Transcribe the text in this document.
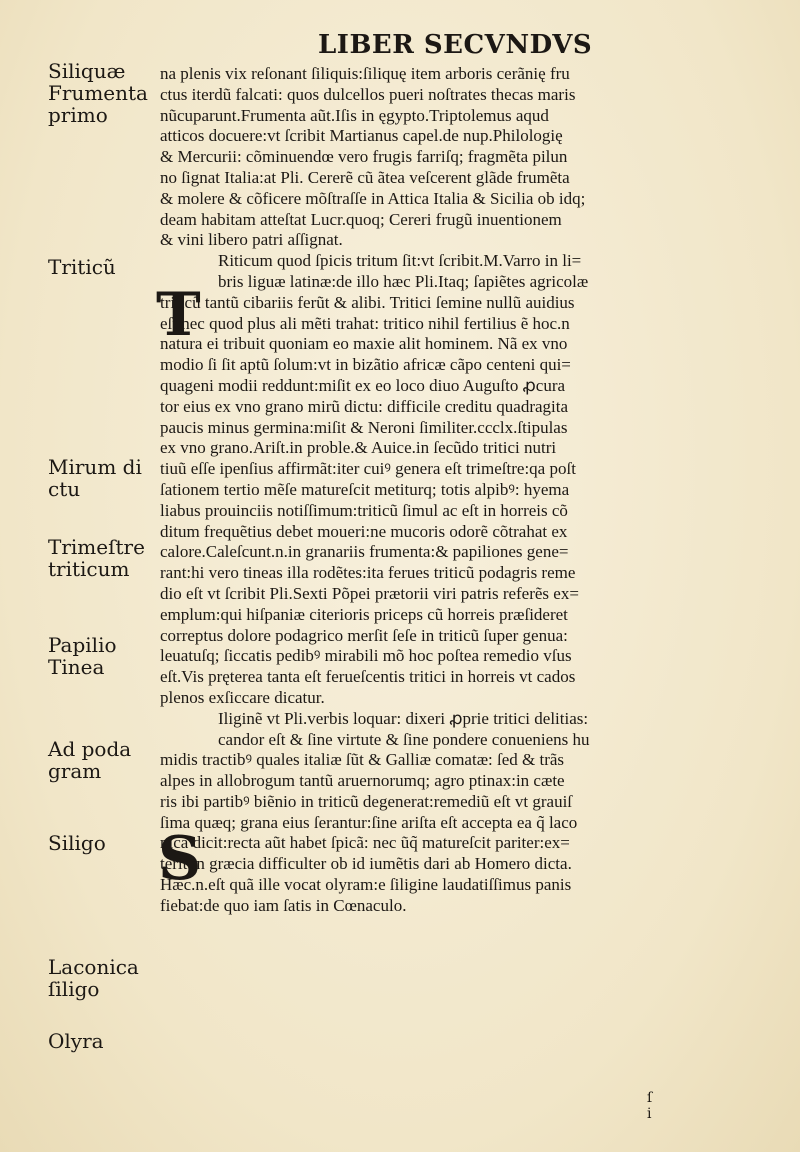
LIBER SECVNDVS
Siliquæ
Frumenta
primo
Triticũ
Mirum di
ctu
Trimeſtre
triticum
Papilio
Tinea
Ad poda
gram
Siligo
Laconica
ſiligo
Olyra
T
S
na plenis vix reſonant ſiliquis:ſiliquę item arboris cerãnię fru
ctus iterdũ falcati: quos dulcellos pueri noſtrates thecas maris
nũcuparunt.Frumenta aũt.Iſis in ęgypto.Triptolemus aqud
atticos docuere:vt ſcribit Martianus capel.de nup.Philologię
& Mercurii: cõminuendœ vero frugis farriſq; fragmẽta pilun
no ſignat Italia:at Pli. Cererẽ cũ ãtea veſcerent glãde frumẽta
& molere & cõficere mõſtraſſe in Attica Italia & Sicilia ob idq;
deam habitam atteſtat Lucr.quoq; Cereri frugũ inuentionem
& vini libero patri aſſignat.
Riticum quod ſpicis tritum ſit:vt ſcribit.M.Varro in li=
bris liguæ latinæ:de illo hæc Pli.Itaq; ſapiẽtes agricolæ
triticũ tantũ cibariis ferũt & alibi. Tritici ſemine nullũ auidius
eſt nec quod plus ali mẽti trahat: tritico nihil fertilius ẽ hoc.n
natura ei tribuit quoniam eo maxie alit hominem. Nã ex vno
modio ſi ſit aptũ ſolum:vt in bizãtio africæ cãpo centeni qui=
quageni modii reddunt:miſit ex eo loco diuo Auguſto ꝓcura
tor eius ex vno grano mirũ dictu: difficile creditu quadragita
paucis minus germina:miſit & Neroni ſimiliter.ccclx.ſtipulas
ex vno grano.Ariſt.in proble.& Auice.in ſecũdo tritici nutri
tiuũ eſſe ipenſius affirmãt:iter cuiꝰ genera eſt trimeſtre:qa poſt
ſationem tertio mẽſe matureſcit metiturq; totis alpibꝰ: hyema
liabus prouinciis notiſſimum:triticũ ſimul ac eſt in horreis cõ
ditum frequẽtius debet moueri:ne mucoris odorẽ cõtrahat ex
calore.Caleſcunt.n.in granariis frumenta:& papiliones gene=
rant:hi vero tineas illa rodẽtes:ita ferues triticũ podagris reme
dio eſt vt ſcribit Pli.Sexti Põpei prætorii viri patris referẽs ex=
emplum:qui hiſpaniæ citerioris priceps cũ horreis præſideret
correptus dolore podagrico merſit ſeſe in triticũ ſuper genua:
leuatuſq; ſiccatis pedibꝰ mirabili mõ hoc poſtea remedio vſus
eſt.Vis pręterea tanta eſt ferueſcentis tritici in horreis vt cados
plenos exſiccare dicatur.
Iliginẽ vt Pli.verbis loquar: dixeri ꝓprie tritici delitias:
candor eſt & ſine virtute & ſine pondere conueniens hu
midis tractibꝰ quales italiæ ſũt & Galliæ comatæ: ſed & trãs
alpes in allobrogum tantũ aruernorumq; agro ptinax:in cæte
ris ibi partibꝰ biẽnio in triticũ degenerat:remediũ eſt vt grauiſ
ſima quæq; grana eius ſerantur:ſine ariſta eſt accepta ea q̃ laco
nica dicit:recta aũt habet ſpicã: nec ũq̃ matureſcit pariter:ex=
terit in græcia difficulter ob id iumẽtis dari ab Homero dicta.
Hæc.n.eſt quã ille vocat olyram:e ſiligine laudatiſſimus panis
fiebat:de quo iam ſatis in Cœnaculo.
ſ
i
